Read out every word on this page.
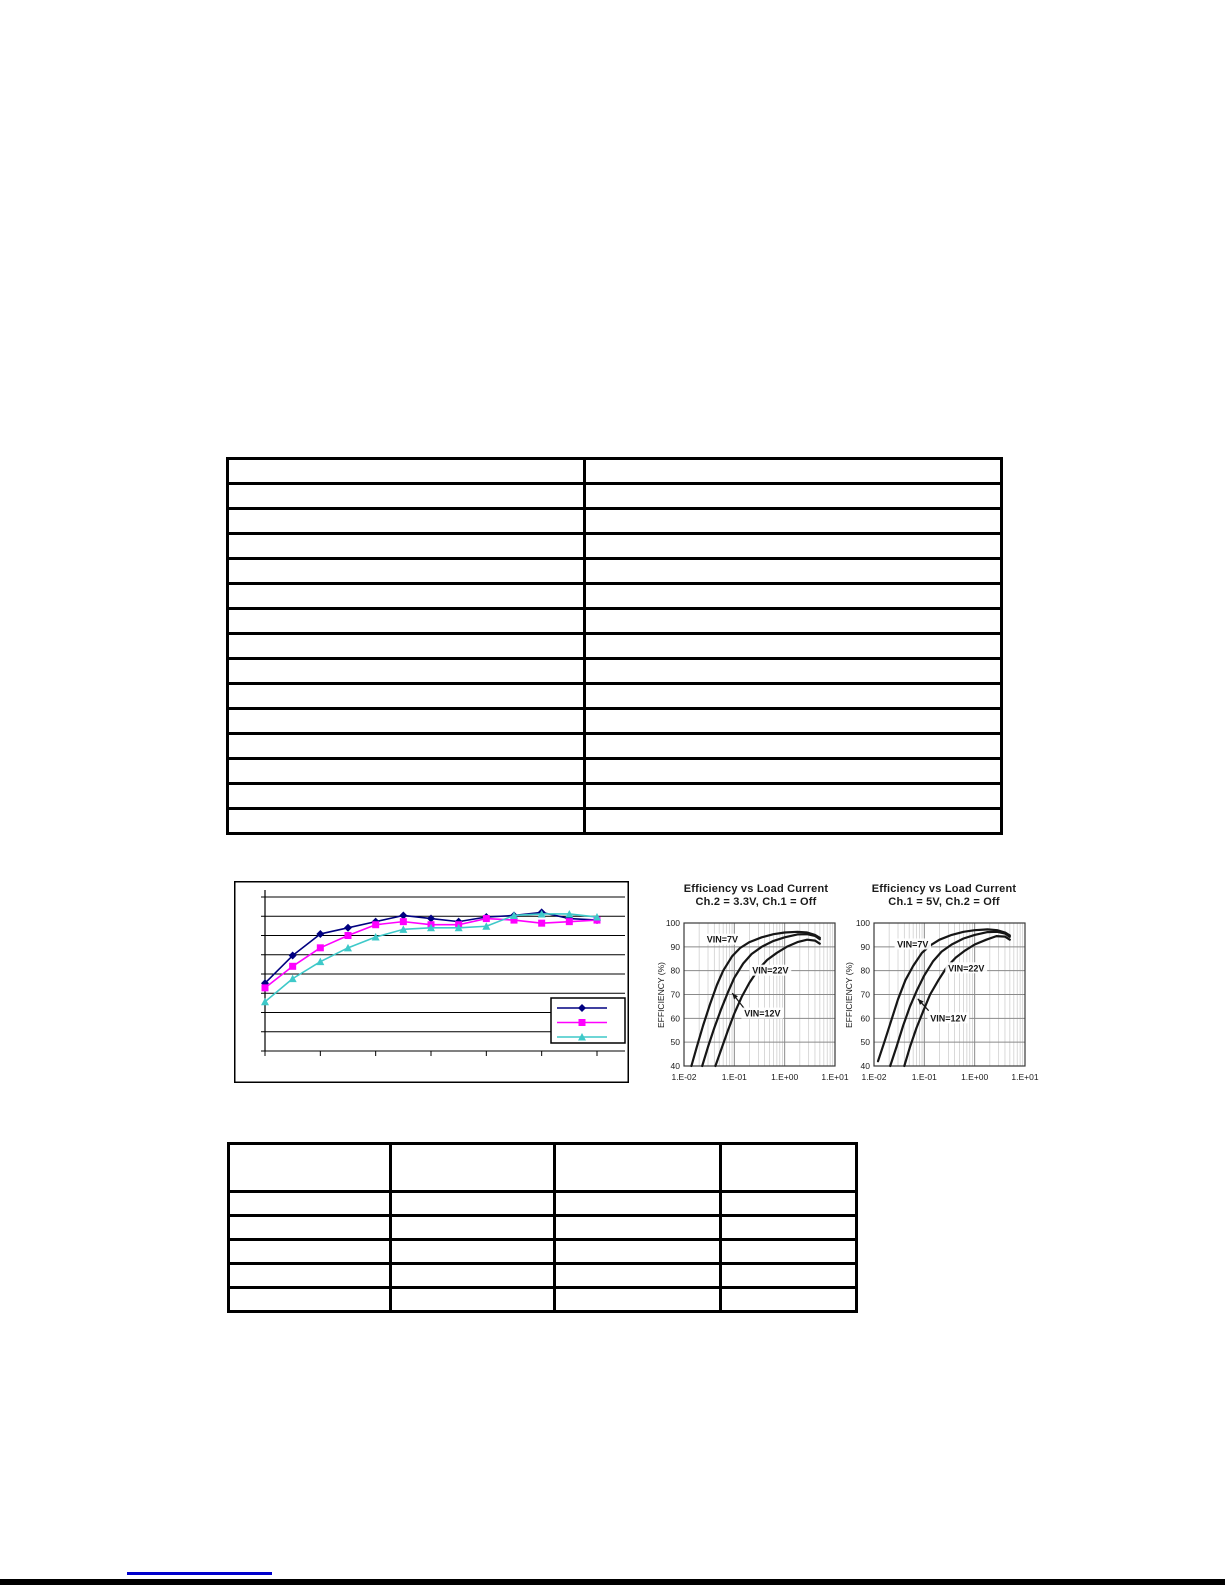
Efficiency vs Load Current
Ch.2 = 3.3V, Ch.1 = Off
EFFICIENCY (%)
1.E-02	1.E-01	1.E+00	1.E+01
100
90
80
70
60
50
40
VIN=7V
VIN=22V
VIN=12V
Efficiency vs Load Current
Ch.1 = 5V, Ch.2 = Off
EFFICIENCY (%)
1.E-02	1.E-01	1.E+00	1.E+01
100
90
80
70
60
50
40
VIN=7V
VIN=22V
VIN=12V
